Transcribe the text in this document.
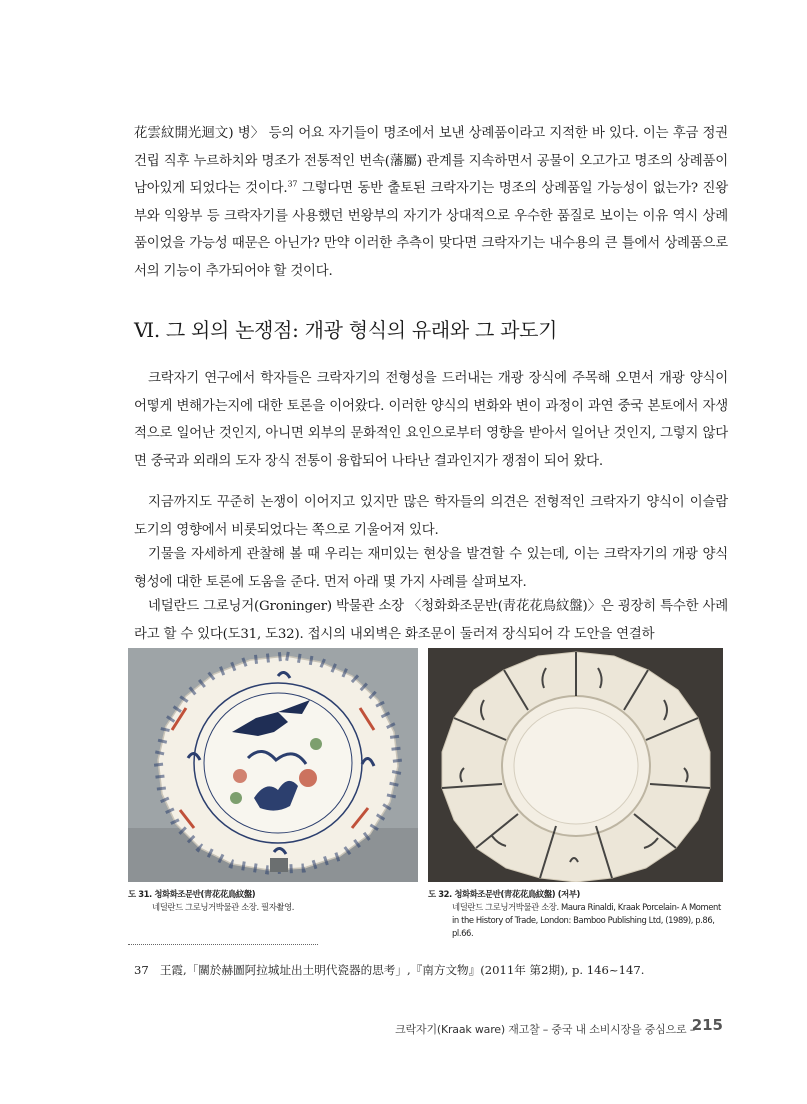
花雲紋開光迴文) 병〉 등의 어요 자기들이 명조에서 보낸 상례품이라고 지적한 바 있다. 이는 후금 정권 건립 직후 누르하치와 명조가 전통적인 번속(藩屬) 관계를 지속하면서 공물이 오고가고 명조의 상례품이 남아있게 되었다는 것이다.$^{37}$ 그렇다면 동반 출토된 크락자기는 명조의 상례품일 가능성이 없는가? 진왕부와 익왕부 등 크락자기를 사용했던 번왕부의 자기가 상대적으로 우수한 품질로 보이는 이유 역시 상례품이었을 가능성 때문은 아닌가? 만약 이러한 추측이 맞다면 크락자기는 내수용의 큰 틀에서 상례품으로서의 기능이 추가되어야 할 것이다.

Ⅵ. 그 외의 논쟁점: 개광 형식의 유래와 그 과도기

크락자기 연구에서 학자들은 크락자기의 전형성을 드러내는 개광 장식에 주목해 오면서 개광 양식이 어떻게 변해가는지에 대한 토론을 이어왔다. 이러한 양식의 변화와 변이 과정이 과연 중국 본토에서 자생적으로 일어난 것인지, 아니면 외부의 문화적인 요인으로부터 영향을 받아서 일어난 것인지, 그렇지 않다면 중국과 외래의 도자 장식 전통이 융합되어 나타난 결과인지가 쟁점이 되어 왔다.

지금까지도 꾸준히 논쟁이 이어지고 있지만 많은 학자들의 의견은 전형적인 크락자기 양식이 이슬람 도기의 영향에서 비롯되었다는 쪽으로 기울어져 있다.

기물을 자세하게 관찰해 볼 때 우리는 재미있는 현상을 발견할 수 있는데, 이는 크락자기의 개광 양식 형성에 대한 토론에 도움을 준다. 먼저 아래 몇 가지 사례를 살펴보자.

네덜란드 그로닝거(Groninger) 박물관 소장 〈청화화조문반(靑花花鳥紋盤)〉은 굉장히 특수한 사례라고 할 수 있다(도31, 도32). 접시의 내외벽은 화조문이 둘러져 장식되어 각 도안을 연결하

도 31. 청화화조문반(靑花花鳥紋盤)
네덜란드 그로닝거박물관 소장. 필자촬영.
도 32. 청화화조문반(靑花花鳥紋盤) (저부)
네덜란드 그로닝거박물관 소장. Maura Rinaldi, Kraak Porcelain- A Moment in the History of Trade, London: Bamboo Publishing Ltd, (1989), p.86, pl.66.
37 王霞,「關於赫圖阿拉城址出土明代瓷器的思考」,『南方文物』(2011年 第2期), p. 146~147.
크락자기(Kraak ware) 재고찰 – 중국 내 소비시장을 중심으로 –
215
